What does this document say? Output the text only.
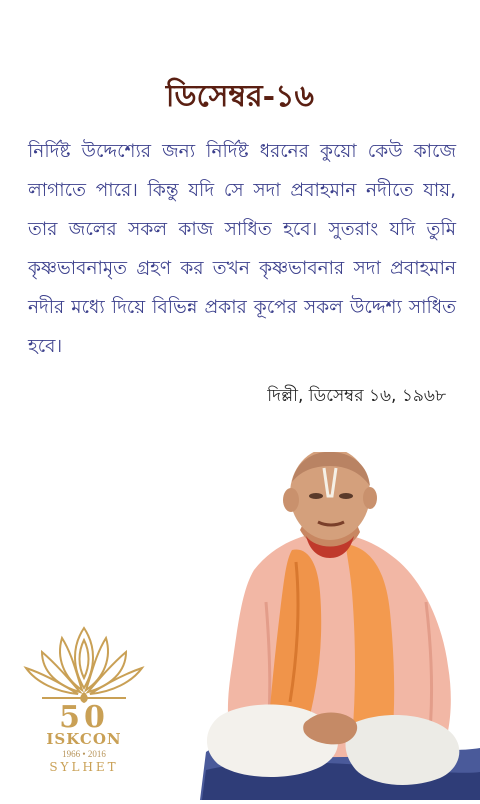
ডিসেম্বর-১৬
নির্দিষ্ট উদ্দেশ্যের জন্য নির্দিষ্ট ধরনের কুয়ো কেউ কাজে লাগাতে পারে। কিন্তু যদি সে সদা প্রবাহমান নদীতে যায়, তার জলের সকল কাজ সাধিত হবে। সুতরাং যদি তুমি কৃষ্ণভাবনামৃত গ্রহণ কর তখন কৃষ্ণভাবনার সদা প্রবাহমান নদীর মধ্যে দিয়ে বিভিন্ন প্রকার কূপের সকল উদ্দেশ্য সাধিত হবে।
দিল্লী, ডিসেম্বর ১৬, ১৯৬৮
50
ISKCON
1966 • 2016
SYLHET
